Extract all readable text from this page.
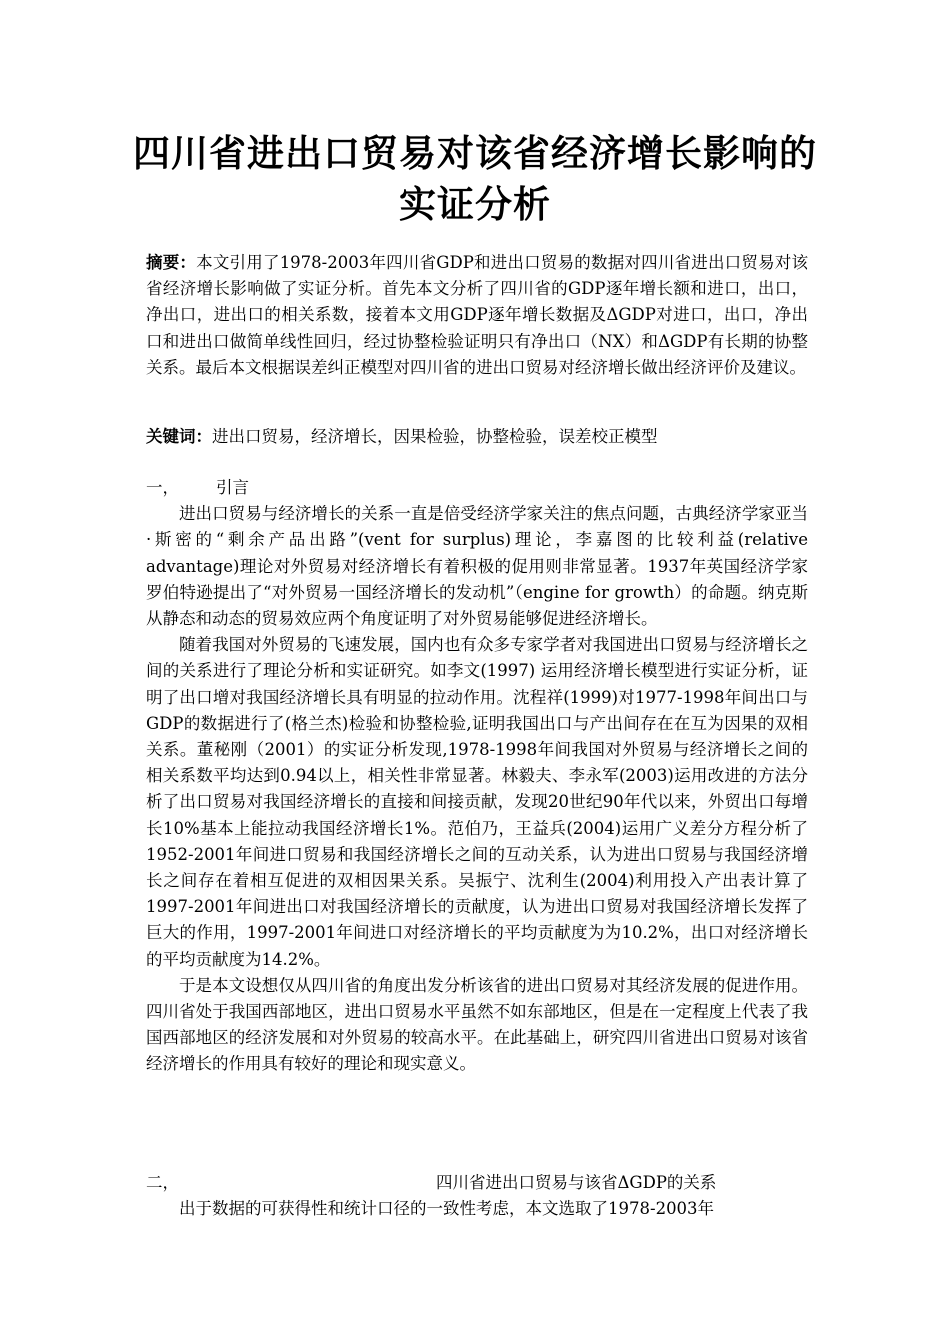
四川省进出口贸易对该省经济增长影响的实证分析

摘要：本文引用了1978-2003年四川省GDP和进出口贸易的数据对四川省进出口贸易对该省经济增长影响做了实证分析。首先本文分析了四川省的GDP逐年增长额和进口，出口，净出口，进出口的相关系数，接着本文用GDP逐年增长数据及ΔGDP对进口，出口，净出口和进出口做简单线性回归，经过协整检验证明只有净出口（NX）和ΔGDP有长期的协整关系。最后本文根据误差纠正模型对四川省的进出口贸易对经济增长做出经济评价及建议。

关键词：进出口贸易，经济增长，因果检验，协整检验，误差校正模型

一， 引言

进出口贸易与经济增长的关系一直是倍受经济学家关注的焦点问题，古典经济学家亚当·斯密的“剩余产品出路”(vent for surplus)理论，李嘉图的比较利益(relative advantage)理论对外贸易对经济增长有着积极的促用则非常显著。1937年英国经济学家罗伯特逊提出了“对外贸易一国经济增长的发动机”（engine for growth）的命题。纳克斯从静态和动态的贸易效应两个角度证明了对外贸易能够促进经济增长。

随着我国对外贸易的飞速发展，国内也有众多专家学者对我国进出口贸易与经济增长之间的关系进行了理论分析和实证研究。如李文(1997) 运用经济增长模型进行实证分析，证明了出口增对我国经济增长具有明显的拉动作用。沈程祥(1999)对1977-1998年间出口与GDP的数据进行了(格兰杰)检验和协整检验,证明我国出口与产出间存在在互为因果的双相关系。董秘刚（2001）的实证分析发现,1978-1998年间我国对外贸易与经济增长之间的相关系数平均达到0.94以上，相关性非常显著。林毅夫、李永军(2003)运用改进的方法分析了出口贸易对我国经济增长的直接和间接贡献，发现20世纪90年代以来，外贸出口每增长10%基本上能拉动我国经济增长1%。范伯乃，王益兵(2004)运用广义差分方程分析了1952-2001年间进口贸易和我国经济增长之间的互动关系，认为进出口贸易与我国经济增长之间存在着相互促进的双相因果关系。吴振宁、沈利生(2004)利用投入产出表计算了1997-2001年间进出口对我国经济增长的贡献度，认为进出口贸易对我国经济增长发挥了巨大的作用，1997-2001年间进口对经济增长的平均贡献度为为10.2%，出口对经济增长的平均贡献度为14.2%。

于是本文设想仅从四川省的角度出发分析该省的进出口贸易对其经济发展的促进作用。四川省处于我国西部地区，进出口贸易水平虽然不如东部地区，但是在一定程度上代表了我国西部地区的经济发展和对外贸易的较高水平。在此基础上，研究四川省进出口贸易对该省经济增长的作用具有较好的理论和现实意义。

二，	四川省进出口贸易与该省ΔGDP的关系

出于数据的可获得性和统计口径的一致性考虑，本文选取了1978-2003年
